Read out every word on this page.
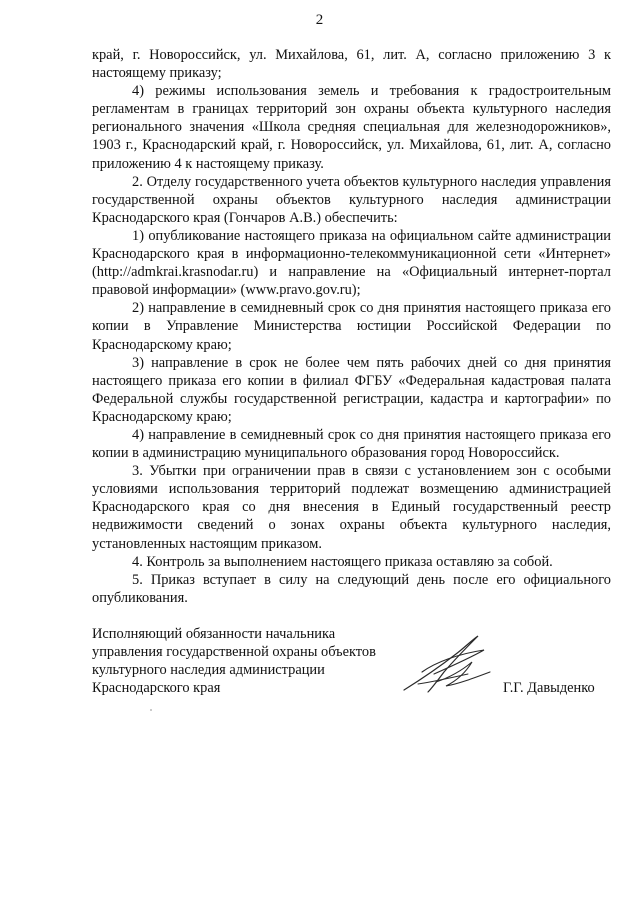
2

край, г. Новороссийск, ул. Михайлова, 61, лит. А, согласно приложению 3 к настоящему приказу;

4) режимы использования земель и требования к градостроительным регламентам в границах территорий зон охраны объекта культурного наследия регионального значения «Школа средняя специальная для железнодорожников», 1903 г., Краснодарский край, г. Новороссийск, ул. Михайлова, 61, лит. А, согласно приложению 4 к настоящему приказу.

2. Отделу государственного учета объектов культурного наследия управления государственной охраны объектов культурного наследия администрации Краснодарского края (Гончаров А.В.) обеспечить:

1) опубликование настоящего приказа на официальном сайте администрации Краснодарского края в информационно-телекоммуникационной сети «Интернет» (http://admkrai.krasnodar.ru) и направление на «Официальный интернет-портал правовой информации» (www.pravo.gov.ru);

2) направление в семидневный срок со дня принятия настоящего приказа его копии в Управление Министерства юстиции Российской Федерации по Краснодарскому краю;

3) направление в срок не более чем пять рабочих дней со дня принятия настоящего приказа его копии в филиал ФГБУ «Федеральная кадастровая палата Федеральной службы государственной регистрации, кадастра и картографии» по Краснодарскому краю;

4) направление в семидневный срок со дня принятия настоящего приказа его копии в администрацию муниципального образования город Новороссийск.

3. Убытки при ограничении прав в связи с установлением зон с особыми условиями использования территорий подлежат возмещению администрацией Краснодарского края со дня внесения в Единый государственный реестр недвижимости сведений о зонах охраны объекта культурного наследия, установленных настоящим приказом.

4. Контроль за выполнением настоящего приказа оставляю за собой.

5. Приказ вступает в силу на следующий день после его официального опубликования.

Исполняющий обязанности начальника
управления государственной охраны объектов
культурного наследия администрации
Краснодарского края	Г.Г. Давыденко
